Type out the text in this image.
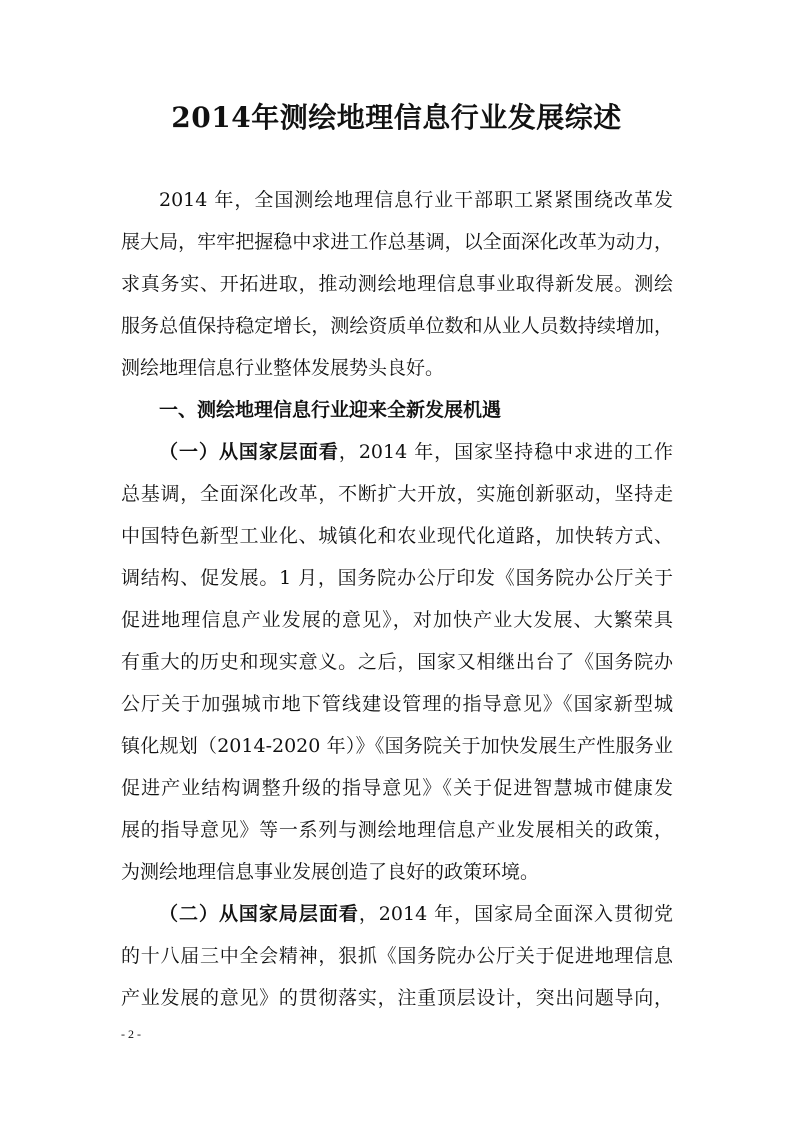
2014年测绘地理信息行业发展综述
2014 年，全国测绘地理信息行业干部职工紧紧围绕改革发
展大局，牢牢把握稳中求进工作总基调，以全面深化改革为动力，
求真务实、开拓进取，推动测绘地理信息事业取得新发展。测绘
服务总值保持稳定增长，测绘资质单位数和从业人员数持续增加，
测绘地理信息行业整体发展势头良好。
一、测绘地理信息行业迎来全新发展机遇
（一）从国家层面看，2014 年，国家坚持稳中求进的工作
总基调，全面深化改革，不断扩大开放，实施创新驱动，坚持走
中国特色新型工业化、城镇化和农业现代化道路，加快转方式、
调结构、促发展。1 月，国务院办公厅印发《国务院办公厅关于
促进地理信息产业发展的意见》，对加快产业大发展、大繁荣具
有重大的历史和现实意义。之后，国家又相继出台了《国务院办
公厅关于加强城市地下管线建设管理的指导意见》《国家新型城
镇化规划（2014-2020 年）》《国务院关于加快发展生产性服务业
促进产业结构调整升级的指导意见》《关于促进智慧城市健康发
展的指导意见》等一系列与测绘地理信息产业发展相关的政策，
为测绘地理信息事业发展创造了良好的政策环境。
（二）从国家局层面看，2014 年，国家局全面深入贯彻党
的十八届三中全会精神，狠抓《国务院办公厅关于促进地理信息
产业发展的意见》的贯彻落实，注重顶层设计，突出问题导向，
- 2 -
